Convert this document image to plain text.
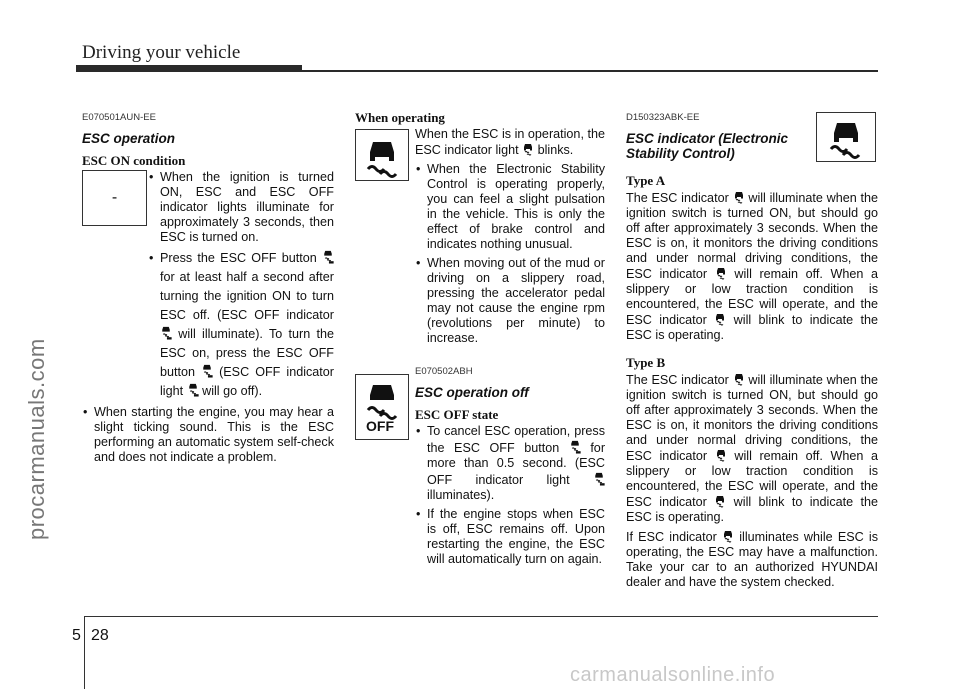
Driving your vehicle
procarmanuals.com
E070501AUN-EE
ESC operation
ESC ON condition
-
• When the ignition is turned ON, ESC and ESC OFF indicator lights illuminate for approximately 3 seconds, then ESC is turned on.
• Press the ESC OFF button  for at least half a second after turning the ignition ON to turn ESC off. (ESC OFF indicator  will illuminate). To turn the ESC on, press the ESC OFF button (ESC OFF indicator light will go off).
• When starting the engine, you may hear a slight ticking sound. This is the ESC performing an automatic system self-check and does not indicate a problem.
When operating
When the ESC is in operation, the ESC indicator light blinks.
• When the Electronic Stability Control is operating properly, you can feel a slight pulsation in the vehicle. This is only the effect of brake control and indicates nothing unusual.
• When moving out of the mud or driving on a slippery road, pressing the accelerator pedal may not cause the engine rpm (revolutions per minute) to increase.
OFF
E070502ABH
ESC operation off
ESC OFF state
• To cancel ESC operation, press the ESC OFF button for more than 0.5 second. (ESC OFF indicator light  illuminates).
• If the engine stops when ESC is off, ESC remains off. Upon restarting the engine, the ESC will automatically turn on again.
D150323ABK-EE
ESC indicator (Electronic Stability Control)
Type A
The ESC indicator will illuminate when the ignition switch is turned ON, but should go off after approximately 3 seconds. When the ESC is on, it monitors the driving conditions and under normal driving conditions, the ESC indicator will remain off. When a slippery or low traction condition is encountered, the ESC will operate, and the ESC indicator will blink to indicate the ESC is operating.
Type B
The ESC indicator will illuminate when the ignition switch is turned ON, but should go off after approximately 3 seconds. When the ESC is on, it monitors the driving conditions and under normal driving conditions, the ESC indicator will remain off. When a slippery or low traction condition is encountered, the ESC will operate, and the ESC indicator will blink to indicate the ESC is operating.
If ESC indicator illuminates while ESC is operating, the ESC may have a malfunction. Take your car to an authorized HYUNDAI dealer and have the system checked.
5 28
carmanualsonline.info
